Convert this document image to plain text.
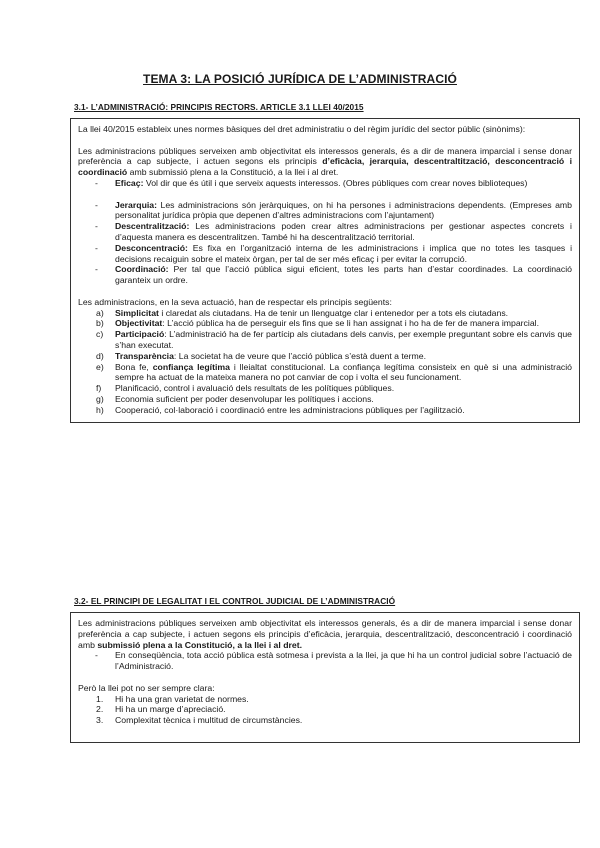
TEMA 3: LA POSICIÓ JURÍDICA DE L’ADMINISTRACIÓ
3.1- L’ADMINISTRACIÓ: PRINCIPIS RECTORS. ARTICLE 3.1 LLEI 40/2015

La llei 40/2015 estableix unes normes bàsiques del dret administratiu o del règim jurídic del sector públic (sinònims):

Les administracions públiques serveixen amb objectivitat els interessos generals, és a dir de manera imparcial i sense donar preferència a cap subjecte, i actuen segons els principis d’eficàcia, jerarquia, descentraltització, desconcentració i coordinació amb submissió plena a la Constitució, a la llei i al dret.

-	Eficaç: Vol dir que és útil i que serveix aquests interessos. (Obres públiques com crear noves biblioteques)
-	Jerarquia: Les administracions són jeràrquiques, on hi ha persones i administracions dependents. (Empreses amb personalitat jurídica pròpia que depenen d’altres administracions com l’ajuntament)
-	Descentralització: Les administracions poden crear altres administracions per gestionar aspectes concrets i d’aquesta manera es descentralitzen. També hi ha descentralització territorial.
-	Desconcentració: Es fixa en l’organització interna de les administracions i implica que no totes les tasques i decisions recaiguin sobre el mateix òrgan, per tal de ser més eficaç i per evitar la corrupció.
-	Coordinació: Per tal que l’acció pública sigui eficient, totes les parts han d’estar coordinades. La coordinació garanteix un ordre.

Les administracions, en la seva actuació, han de respectar els principis següents:

a)	Simplicitat i claredat als ciutadans. Ha de tenir un llenguatge clar i entenedor per a tots els ciutadans.
b)	Objectivitat: L’acció pública ha de perseguir els fins que se li han assignat i ho ha de fer de manera imparcial.
c)	Participació: L’administració ha de fer partícip als ciutadans dels canvis, per exemple preguntant sobre els canvis que s’han executat.
d)	Transparència: La societat ha de veure que l’acció pública s’està duent a terme.
e)	Bona fe, confiança legítima i lleialtat constitucional. La confiança legítima consisteix en què si una administració sempre ha actuat de la mateixa manera no pot canviar de cop i volta el seu funcionament.
f)	Planificació, control i avaluació dels resultats de les polítiques públiques.
g)	Economia suficient per poder desenvolupar les polítiques i accions.
h)	Cooperació, col·laboració i coordinació entre les administracions públiques per l’agilització.
3.2- EL PRINCIPI DE LEGALITAT I EL CONTROL JUDICIAL DE L’ADMINISTRACIÓ

Les administracions públiques serveixen amb objectivitat els interessos generals, és a dir de manera imparcial i sense donar preferència a cap subjecte, i actuen segons els principis d’eficàcia, jerarquia, descentralització, desconcentració i coordinació amb submissió plena a la Constitució, a la llei i al dret.

-	En conseqüència, tota acció pública està sotmesa i prevista a la llei, ja que hi ha un control judicial sobre l’actuació de l’Administració.

Però la llei pot no ser sempre clara:

1.	Hi ha una gran varietat de normes.
2.	Hi ha un marge d’apreciació.
3.	Complexitat tècnica i multitud de circumstàncies.
